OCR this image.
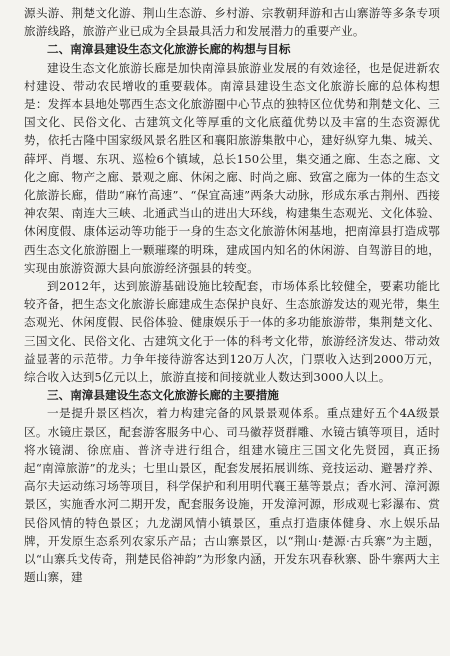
源头游、荆楚文化游、荆山生态游、乡村游、宗教朝拜游和古山寨游等多条专项旅游线路，旅游产业已成为全县最具活力和发展潜力的重要产业。

二、南漳县建设生态文化旅游长廊的构想与目标

建设生态文化旅游长廊是加快南漳县旅游业发展的有效途径，也是促进新农村建设、带动农民增收的重要载体。南漳县建设生态文化旅游长廊的总体构想是：发挥本县地处鄂西生态文化旅游圈中心节点的独特区位优势和荆楚文化、三国文化、民俗文化、古建筑文化等厚重的文化底蕴优势以及丰富的生态资源优势，依托古隆中国家级风景名胜区和襄阳旅游集散中心，建好纵穿九集、城关、薛坪、肖堰、东巩、巡检6个镇域，总长150公里，集交通之廊、生态之廊、文化之廊、物产之廊、景观之廊、休闲之廊、时尚之廊、致富之廊为一体的生态文化旅游长廊，借助“麻竹高速”、“保宜高速”两条大动脉，形成东承古荆州、西接神农架、南连大三峡、北通武当山的进出大环线，构建集生态观光、文化体验、休闲度假、康体运动等功能于一身的生态文化旅游休闲基地，把南漳县打造成鄂西生态文化旅游圈上一颗璀璨的明珠，建成国内知名的休闲游、自驾游目的地，实现由旅游资源大县向旅游经济强县的转变。

到2012年，达到旅游基础设施比较配套，市场体系比较健全，要素功能比较齐备，把生态文化旅游长廊建成生态保护良好、生态旅游发达的观光带，集生态观光、休闲度假、民俗体验、健康娱乐于一体的多功能旅游带，集荆楚文化、三国文化、民俗文化、古建筑文化于一体的科考文化带，旅游经济发达、带动效益显著的示范带。力争年接待游客达到120万人次，门票收入达到2000万元，综合收入达到5亿元以上，旅游直接和间接就业人数达到3000人以上。

三、南漳县建设生态文化旅游长廊的主要措施

一是提升景区档次，着力构建完备的风景景观体系。重点建好五个4A级景区。水镜庄景区，配套游客服务中心、司马徽荐贤群雕、水镜古镇等项目，适时将水镜湖、徐庶庙、普济寺进行组合，组建水镜庄三国文化先贤园，真正扬起“南漳旅游”的龙头；七里山景区，配套发展拓展训练、竞技运动、避暑疗养、高尔夫运动练习场等项目，科学保护和利用明代襄王墓等景点；香水河、漳河源景区，实施香水河二期开发，配套服务设施，开发漳河源，形成观七彩瀑布、赏民俗风情的特色景区；九龙湖风情小镇景区，重点打造康体健身、水上娱乐品牌，开发原生态系列农家乐产品；古山寨景区，以“荆山·楚源·古兵寨”为主题，以“山寨兵戈传奇，荆楚民俗神韵”为形象内涵，开发东巩春秋寨、卧牛寨两大主题山寨，建
